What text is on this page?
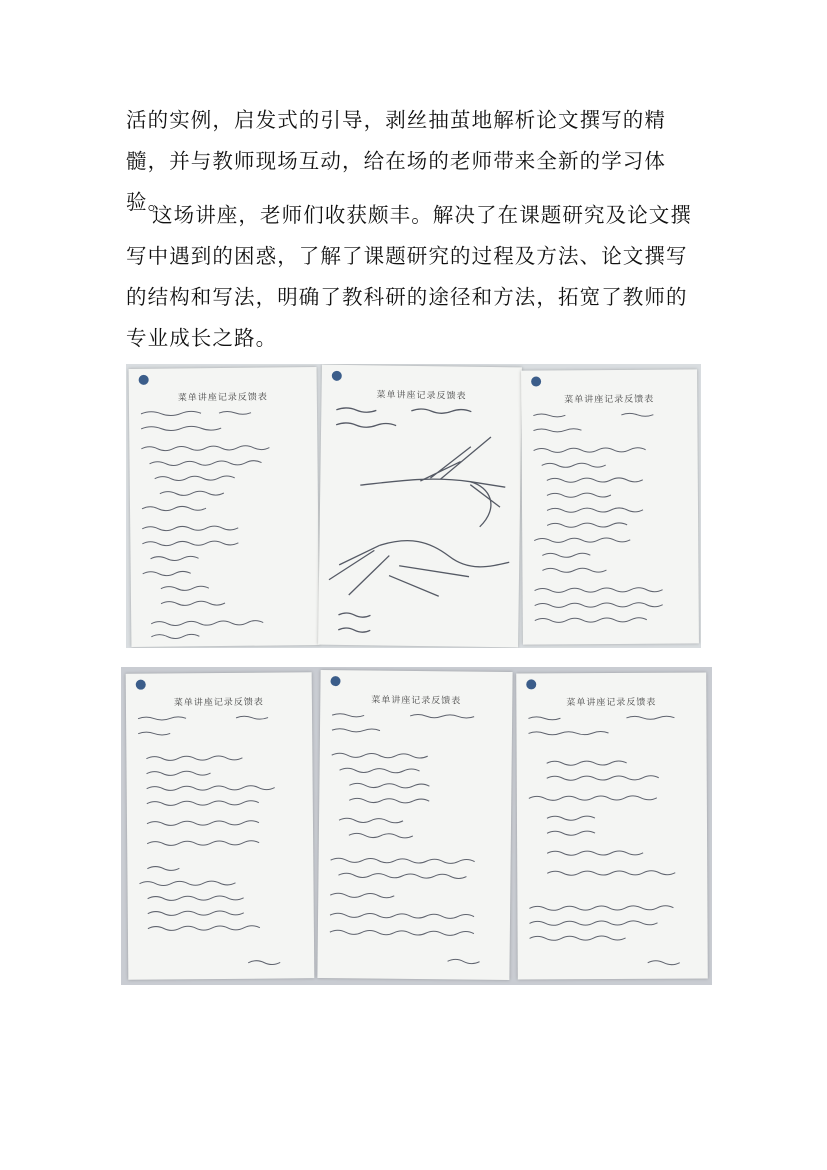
活的实例，启发式的引导，剥丝抽茧地解析论文撰写的精髓，并与教师现场互动，给在场的老师带来全新的学习体验。

这场讲座，老师们收获颇丰。解决了在课题研究及论文撰写中遇到的困惑，了解了课题研究的过程及方法、论文撰写的结构和写法，明确了教科研的途径和方法，拓宽了教师的专业成长之路。

菜单讲座记录反馈表	菜单讲座记录反馈表	菜单讲座记录反馈表
菜单讲座记录反馈表	菜单讲座记录反馈表	菜单讲座记录反馈表
